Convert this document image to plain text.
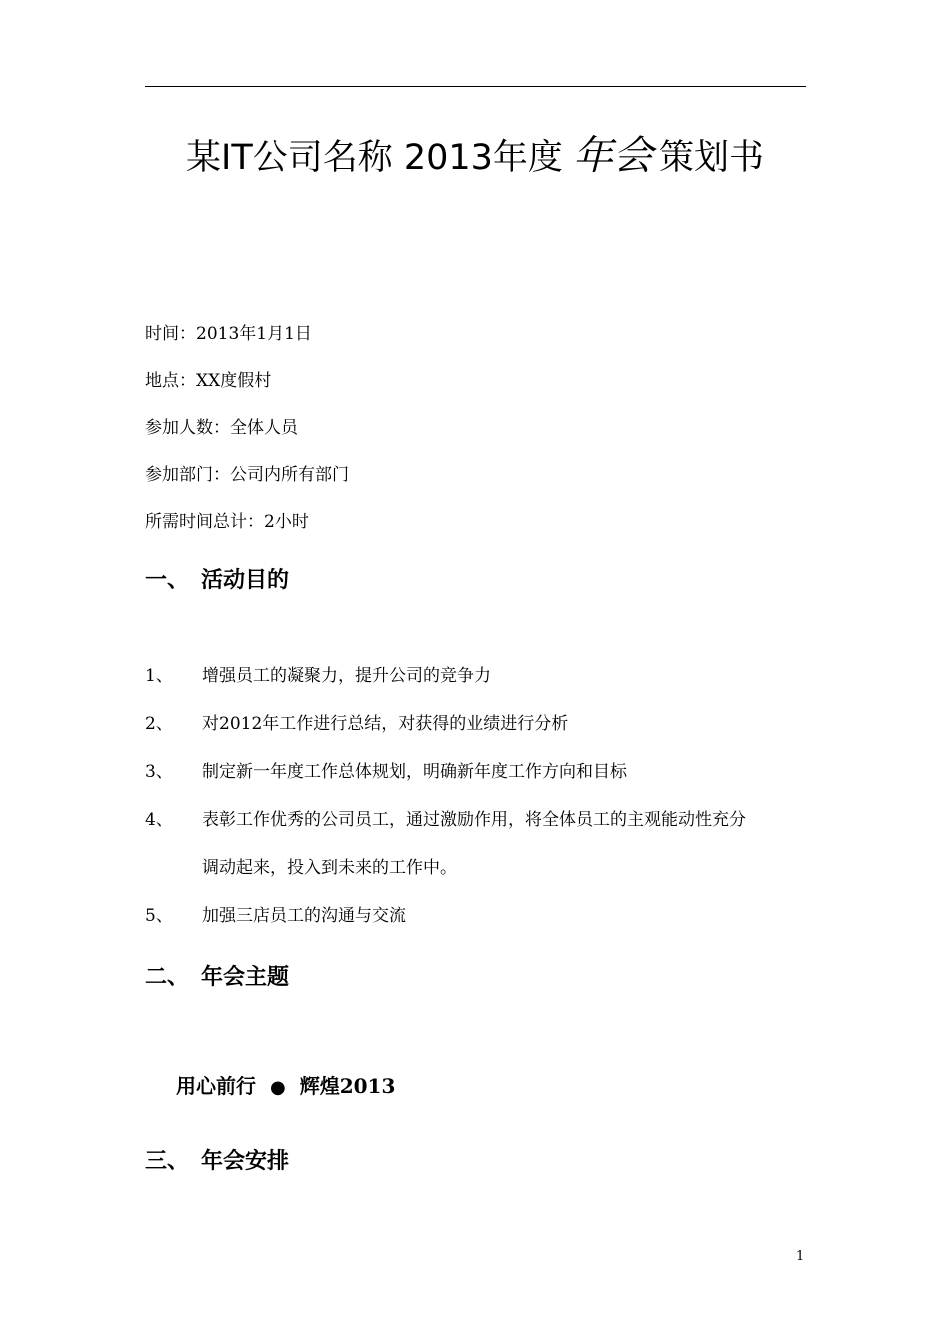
某IT公司名称 2013年度 年会 策划书
时间：2013年1月1日
地点：XX度假村
参加人数：全体人员
参加部门：公司内所有部门
所需时间总计：2小时
一、 活动目的
1、 增强员工的凝聚力，提升公司的竞争力
2、 对2012年工作进行总结，对获得的业绩进行分析
3、 制定新一年度工作总体规划，明确新年度工作方向和目标
4、 表彰工作优秀的公司员工，通过激励作用，将全体员工的主观能动性充分
调动起来，投入到未来的工作中。
5、 加强三店员工的沟通与交流
二、 年会主题
用心前行 ● 辉煌2013
三、 年会安排
1
